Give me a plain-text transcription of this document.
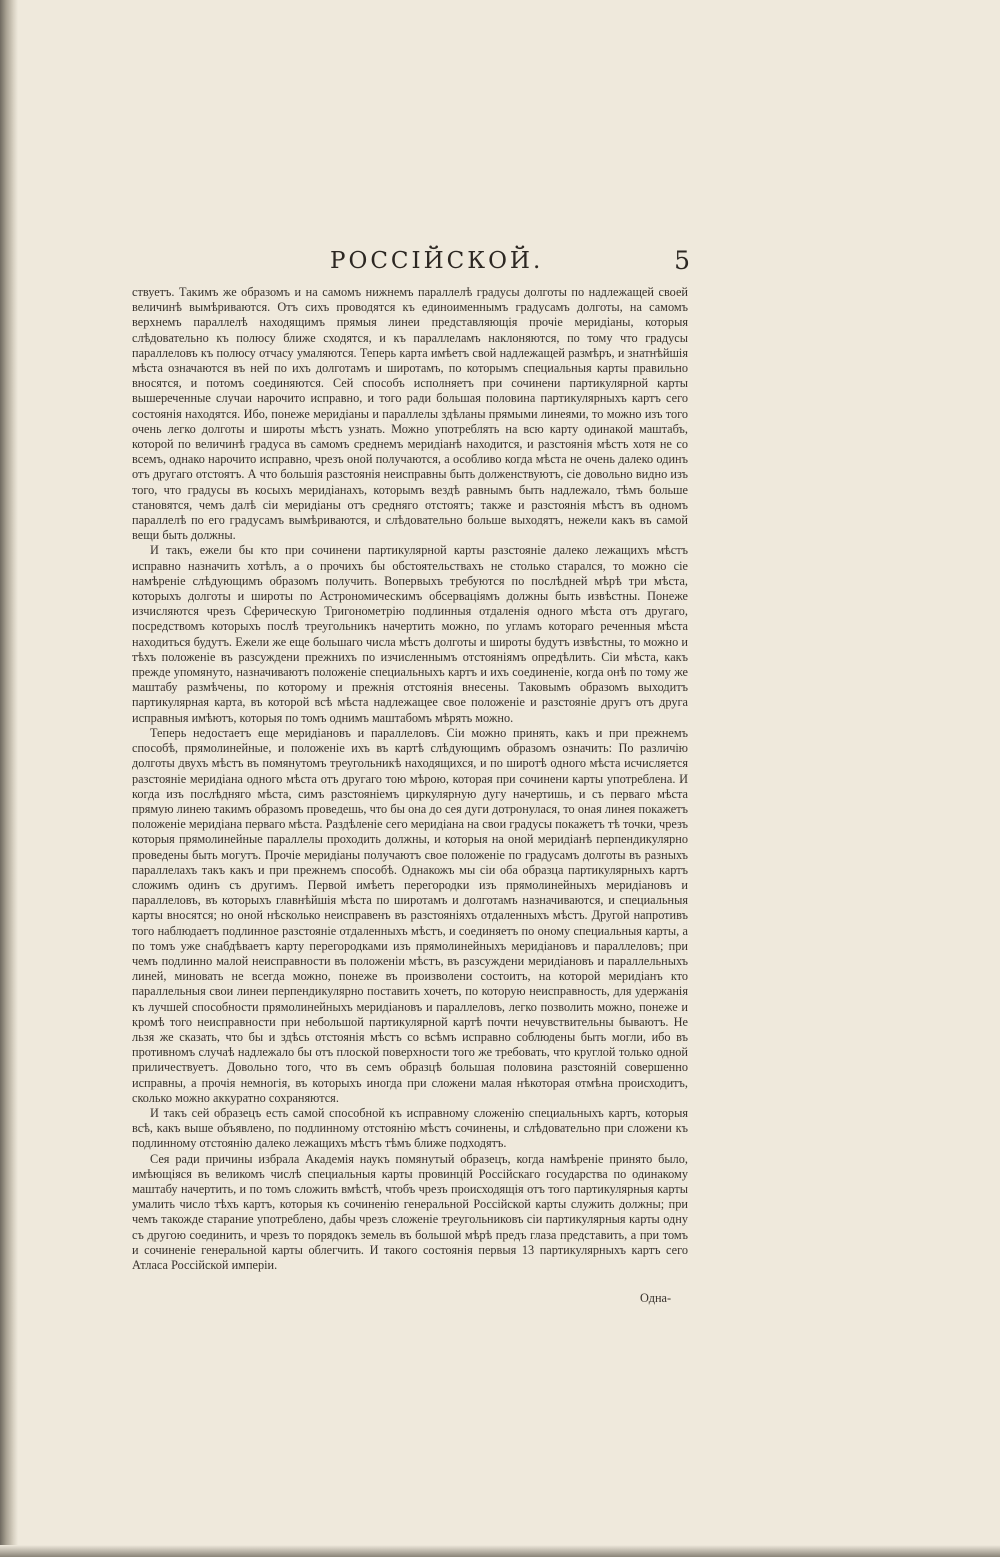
РОССІЙСКОЙ.	5

ствуетъ. Такимъ же образомъ и на самомъ нижнемъ параллелѣ градусы долготы по надлежащей своей величинѣ вымѣриваются. Отъ сихъ проводятся къ единоименнымъ градусамъ долготы, на самомъ верхнемъ параллелѣ находящимъ прямыя линеи представляющія прочіе меридіаны, которыя слѣдовательно къ полюсу ближе сходятся, и къ параллеламъ наклоняются, по тому что градусы параллеловъ къ полюсу отчасу умаляются. Теперь карта имѣетъ свой надлежащей размѣръ, и знатнѣйшія мѣста означаются въ ней по ихъ долготамъ и широтамъ, по которымъ специальныя карты правильно вносятся, и потомъ соединяются. Сей способъ исполняетъ при сочинени партикулярной карты вышереченные случаи нарочито исправно, и того ради большая половина партикулярныхъ картъ сего состоянія находятся. Ибо, понеже меридіаны и параллелы здѣланы прямыми линеями, то можно изъ того очень легко долготы и широты мѣстъ узнать. Можно употреблять на всю карту одинакой маштабъ, которой по величинѣ градуса въ самомъ среднемъ меридіанѣ находится, и разстоянія мѣстъ хотя не со всемъ, однако нарочито исправно, чрезъ оной получаются, а особливо когда мѣста не очень далеко одинъ отъ другаго отстоятъ. А что большія разстоянія неисправны быть долженствуютъ, сіе довольно видно изъ того, что градусы въ косыхъ меридіанахъ, которымъ вездѣ равнымъ быть надлежало, тѣмъ больше становятся, чемъ далѣ сіи меридіаны отъ средняго отстоятъ; также и разстоянія мѣстъ въ одномъ параллелѣ по его градусамъ вымѣриваются, и слѣдовательно больше выходятъ, нежели какъ въ самой вещи быть должны.

И такъ, ежели бы кто при сочинени партикулярной карты разстояніе далеко лежащихъ мѣстъ исправно назначить хотѣлъ, а о прочихъ бы обстоятельствахъ не столько старался, то можно сіе намѣреніе слѣдующимъ образомъ получить. Вопервыхъ требуются по послѣдней мѣрѣ три мѣста, которыхъ долготы и широты по Астрономическимъ обсерваціямъ должны быть извѣстны. Понеже изчисляются чрезъ Сферическую Тригонометрію подлинныя отдаленія одного мѣста отъ другаго, посредствомъ которыхъ послѣ треугольникъ начертить можно, по угламъ котораго реченныя мѣста находиться будутъ. Ежели же еще большаго числа мѣстъ долготы и широты будутъ извѣстны, то можно и тѣхъ положеніе въ разсуждени прежнихъ по изчисленнымъ отстояніямъ опредѣлить. Сіи мѣста, какъ прежде упомянуто, назначиваютъ положеніе специальныхъ картъ и ихъ соединеніе, когда онѣ по тому же маштабу размѣчены, по которому и прежнія отстоянія внесены. Таковымъ образомъ выходитъ партикулярная карта, въ которой всѣ мѣста надлежащее свое положеніе и разстояніе другъ отъ друга исправныя имѣютъ, которыя по томъ однимъ маштабомъ мѣрять можно.

Теперь недостаетъ еще меридіановъ и параллеловъ. Сіи можно принять, какъ и при прежнемъ способѣ, прямолинейные, и положеніе ихъ въ картѣ слѣдующимъ образомъ означить: По различію долготы двухъ мѣстъ въ помянутомъ треугольникѣ находящихся, и по широтѣ одного мѣста исчисляется разстояніе меридіана одного мѣста отъ другаго тою мѣрою, которая при сочинени карты употреблена. И когда изъ послѣдняго мѣста, симъ разстояніемъ циркулярную дугу начертишь, и съ перваго мѣста прямую линею такимъ образомъ проведешь, что бы она до сея дуги дотронулася, то оная линея покажетъ положеніе меридіана перваго мѣста. Раздѣленіе сего меридіана на свои градусы покажетъ тѣ точки, чрезъ которыя прямолинейные параллелы проходить должны, и которыя на оной меридіанѣ перпендикулярно проведены быть могутъ. Прочіе меридіаны получаютъ свое положеніе по градусамъ долготы въ разныхъ параллелахъ такъ какъ и при прежнемъ способѣ. Однакожъ мы сіи оба образца партикулярныхъ картъ сложимъ одинъ съ другимъ. Первой имѣетъ перегородки изъ прямолинейныхъ меридіановъ и параллеловъ, въ которыхъ главнѣйшія мѣста по широтамъ и долготамъ назначиваются, и специальныя карты вносятся; но оной нѣсколько неисправенъ въ разстояніяхъ отдаленныхъ мѣстъ. Другой напротивъ того наблюдаетъ подлинное разстояніе отдаленныхъ мѣстъ, и соединяетъ по оному специальныя карты, а по томъ уже снабдѣваетъ карту перегородками изъ прямолинейныхъ меридіановъ и параллеловъ; при чемъ подлинно малой неисправности въ положеніи мѣстъ, въ разсуждени меридіановъ и параллельныхъ линей, миновать не всегда можно, понеже въ произволени состоитъ, на которой меридіанъ кто параллельныя свои линеи перпендикулярно поставить хочетъ, по которую неисправность, для удержанія къ лучшей способности прямолинейныхъ меридіановъ и параллеловъ, легко позволить можно, понеже и кромѣ того неисправности при небольшой партикулярной картѣ почти нечувствительны бываютъ. Не льзя же сказать, что бы и здѣсь отстоянія мѣстъ со всѣмъ исправно соблюдены быть могли, ибо въ противномъ случаѣ надлежало бы отъ плоской поверхности того же требовать, что круглой только одной приличествуетъ. Довольно того, что въ семъ образцѣ большая половина разстояній совершенно исправны, а прочія немногія, въ которыхъ иногда при сложени малая нѣкоторая отмѣна происходитъ, сколько можно аккуратно сохраняются.

И такъ сей образецъ есть самой способной къ исправному сложенію специальныхъ картъ, которыя всѣ, какъ выше объявлено, по подлинному отстоянію мѣстъ сочинены, и слѣдовательно при сложени къ подлинному отстоянію далеко лежащихъ мѣстъ тѣмъ ближе подходятъ.

Сея ради причины избрала Академія наукъ помянутый образецъ, когда намѣреніе принято было, имѣющіяся въ великомъ числѣ специальныя карты провинцій Россійскаго государства по одинакому маштабу начертить, и по томъ сложить вмѣстѣ, чтобъ чрезъ происходящія отъ того партикулярныя карты умалить число тѣхъ картъ, которыя къ сочиненію генеральной Россійской карты служить должны; при чемъ такожде старание употреблено, дабы чрезъ сложеніе треугольниковъ сіи партикулярныя карты одну съ другою соединить, и чрезъ то порядокъ земель въ большой мѣрѣ предъ глаза представить, а при томъ и сочиненіе генеральной карты облегчить. И такого состоянія первыя 13 партикулярныхъ картъ сего Атласа Россійской имперіи.

Одна-
